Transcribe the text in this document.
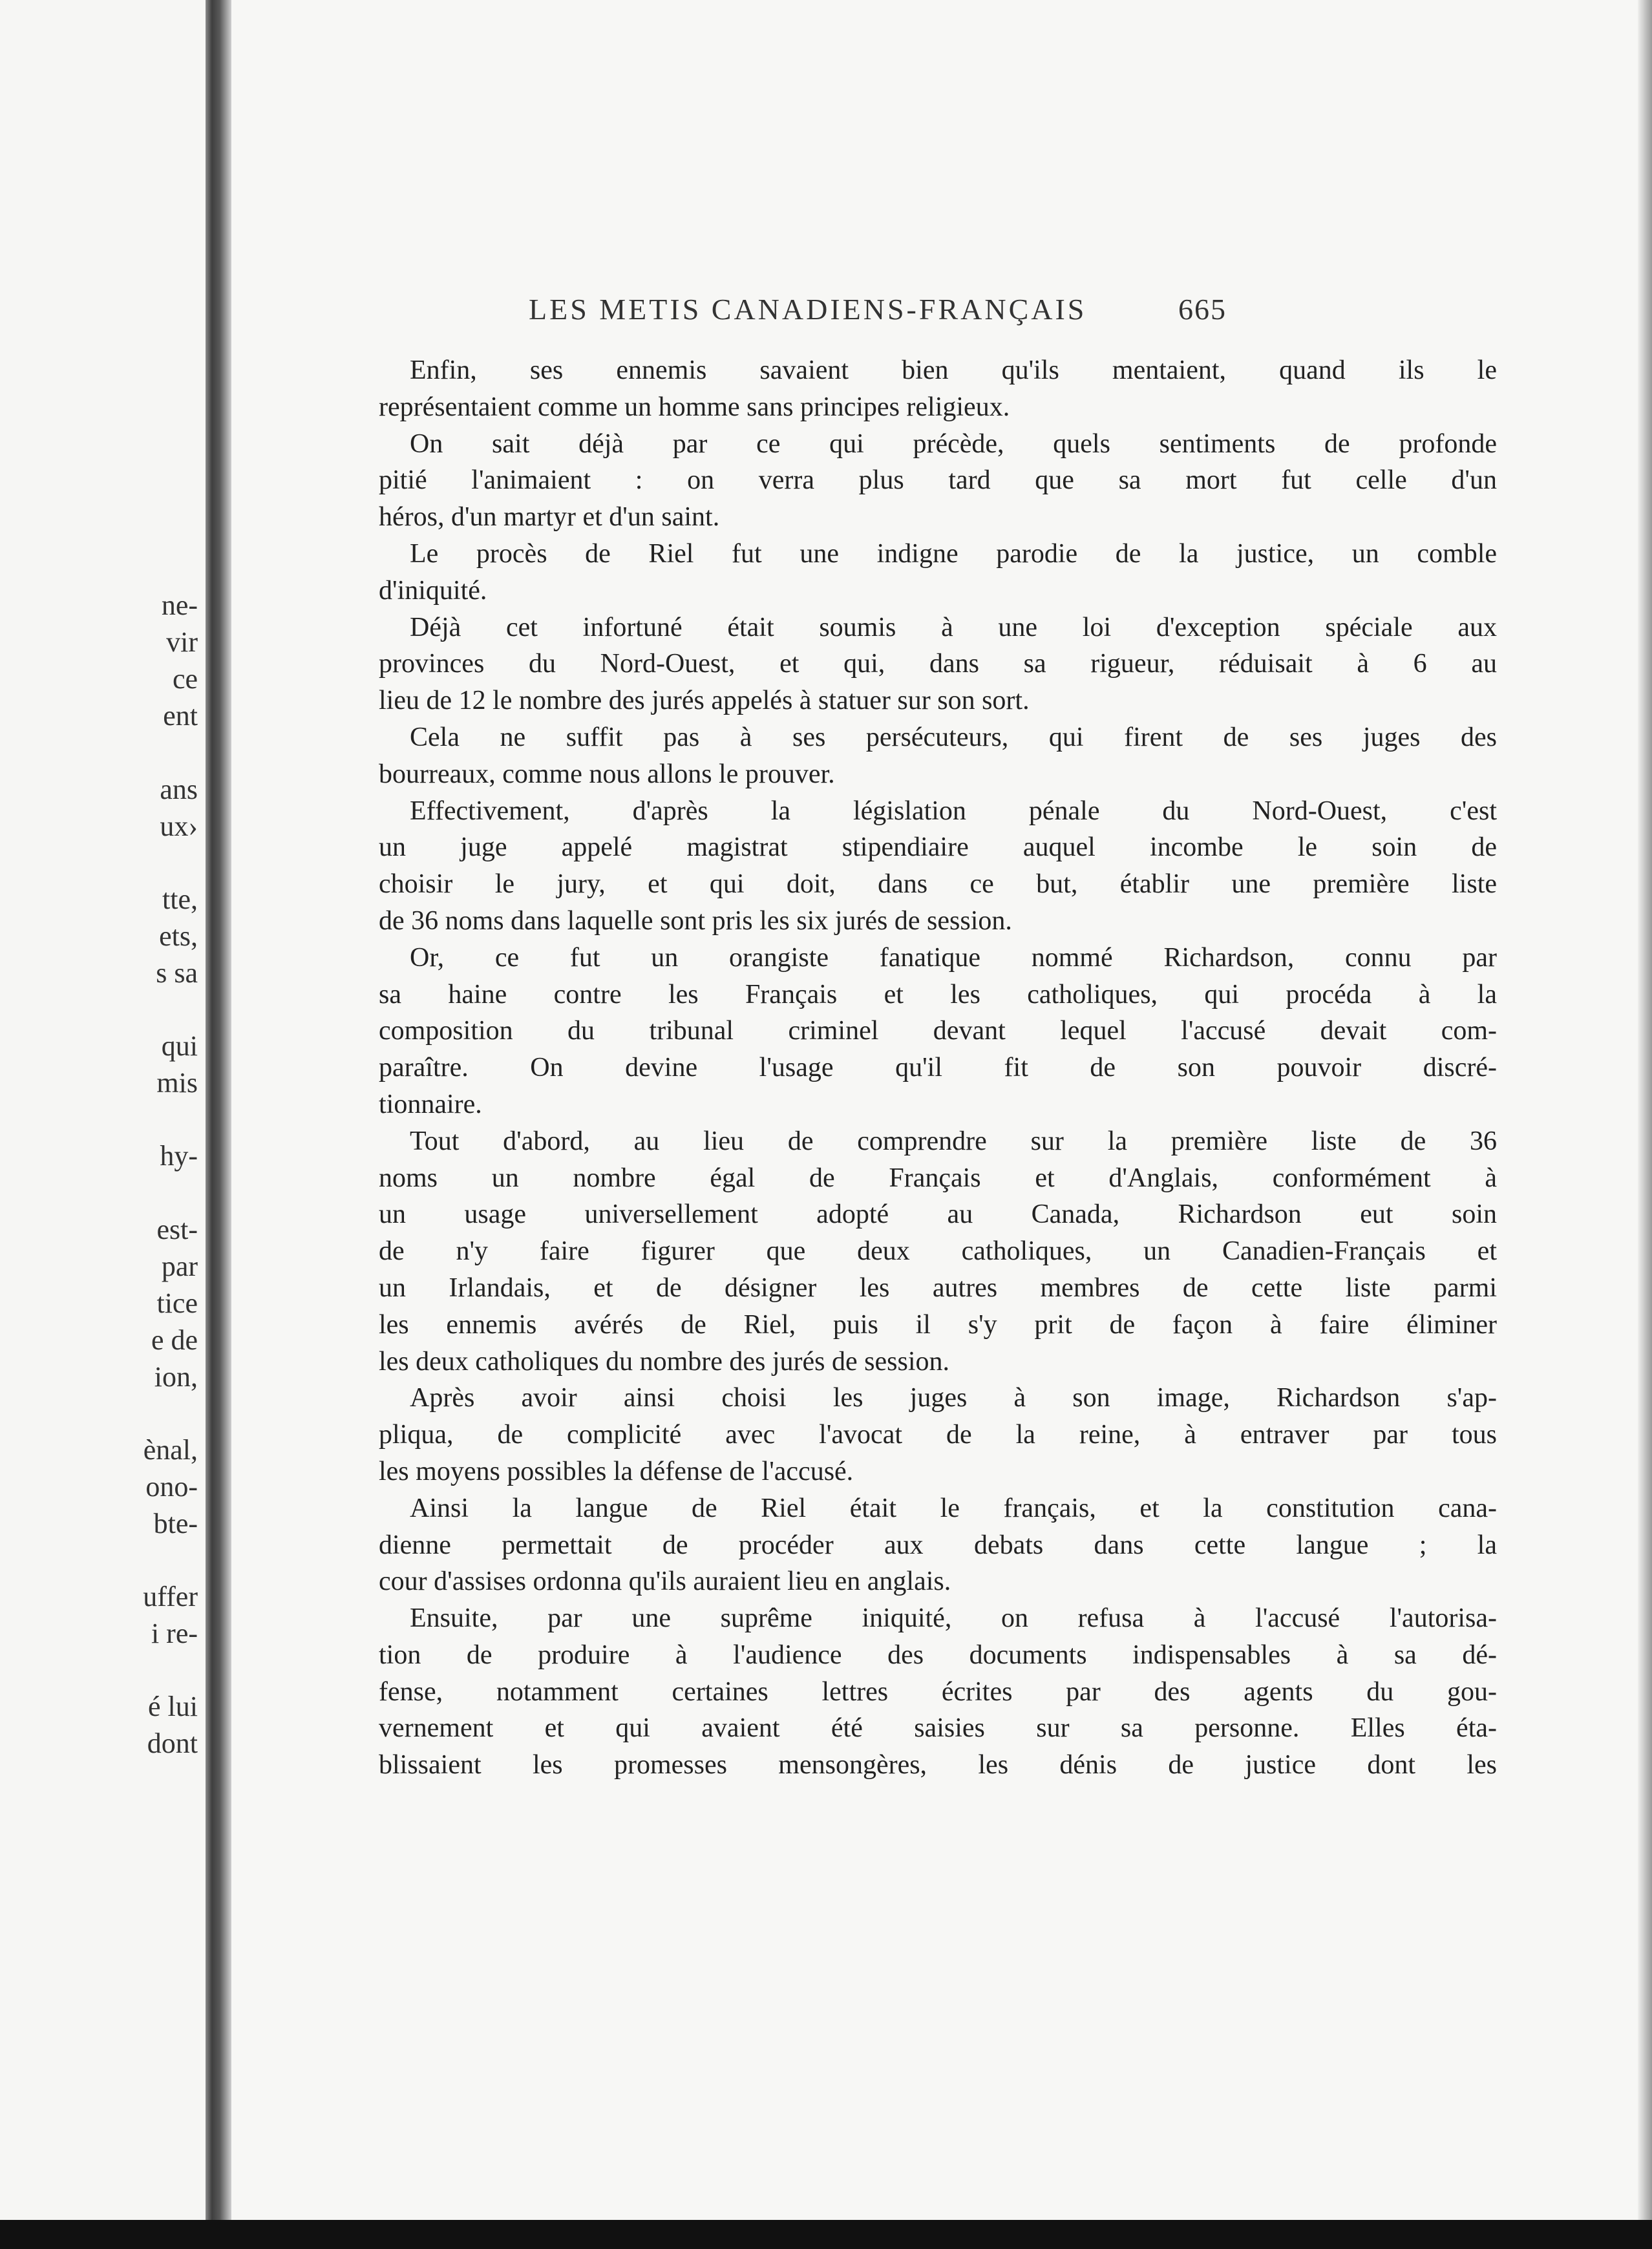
ne-
vir
ce
ent
ans
ux›
tte,
ets,
s sa
qui
mis
hy-
est-
par
tice
e de
ion,
ènal,
ono-
bte-
uffer
i re-
é lui
dont
LES METIS CANADIENS-FRANÇAIS	665
Enfin, ses ennemis savaient bien qu'ils mentaient, quand ils le
représentaient comme un homme sans principes religieux.
On sait déjà par ce qui précède, quels sentiments de profonde
pitié l'animaient : on verra plus tard que sa mort fut celle d'un
héros, d'un martyr et d'un saint.
Le procès de Riel fut une indigne parodie de la justice, un comble
d'iniquité.
Déjà cet infortuné était soumis à une loi d'exception spéciale aux
provinces du Nord-Ouest, et qui, dans sa rigueur, réduisait à 6 au
lieu de 12 le nombre des jurés appelés à statuer sur son sort.
Cela ne suffit pas à ses persécuteurs, qui firent de ses juges des
bourreaux, comme nous allons le prouver.
Effectivement, d'après la législation pénale du Nord-Ouest, c'est
un juge appelé magistrat stipendiaire auquel incombe le soin de
choisir le jury, et qui doit, dans ce but, établir une première liste
de 36 noms dans laquelle sont pris les six jurés de session.
Or, ce fut un orangiste fanatique nommé Richardson, connu par
sa haine contre les Français et les catholiques, qui procéda à la
composition du tribunal criminel devant lequel l'accusé devait com-
paraître. On devine l'usage qu'il fit de son pouvoir discré-
tionnaire.
Tout d'abord, au lieu de comprendre sur la première liste de 36
noms un nombre égal de Français et d'Anglais, conformément à
un usage universellement adopté au Canada, Richardson eut soin
de n'y faire figurer que deux catholiques, un Canadien-Français et
un Irlandais, et de désigner les autres membres de cette liste parmi
les ennemis avérés de Riel, puis il s'y prit de façon à faire éliminer
les deux catholiques du nombre des jurés de session.
Après avoir ainsi choisi les juges à son image, Richardson s'ap-
pliqua, de complicité avec l'avocat de la reine, à entraver par tous
les moyens possibles la défense de l'accusé.
Ainsi la langue de Riel était le français, et la constitution cana-
dienne permettait de procéder aux debats dans cette langue ; la
cour d'assises ordonna qu'ils auraient lieu en anglais.
Ensuite, par une suprême iniquité, on refusa à l'accusé l'autorisa-
tion de produire à l'audience des documents indispensables à sa dé-
fense, notamment certaines lettres écrites par des agents du gou-
vernement et qui avaient été saisies sur sa personne. Elles éta-
blissaient les promesses mensongères, les dénis de justice dont les
